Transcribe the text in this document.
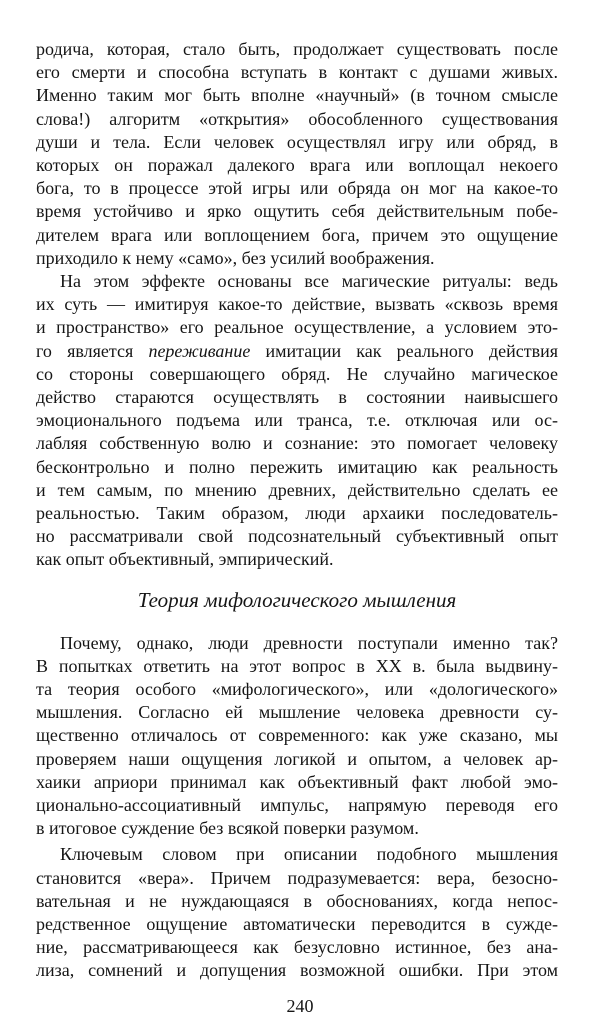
Теория мифологического мышления
240
родича, которая, стало быть, продолжает существовать после
его смерти и способна вступать в контакт с душами живых.
Именно таким мог быть вполне «научный» (в точном смысле
слова!) алгоритм «открытия» обособленного существования
души и тела. Если человек осуществлял игру или обряд, в
которых он поражал далекого врага или воплощал некоего
бога, то в процессе этой игры или обряда он мог на какое-то
время устойчиво и ярко ощутить себя действительным побе-
дителем врага или воплощением бога, причем это ощущение
приходило к нему «само», без усилий воображения.
На этом эффекте основаны все магические ритуалы: ведь
их суть — имитируя какое-то действие, вызвать «сквозь время
и пространство» его реальное осуществление, а условием это-
го является переживание имитации как реального действия
со стороны совершающего обряд. Не случайно магическое
действо стараются осуществлять в состоянии наивысшего
эмоционального подъема или транса, т.е. отключая или ос-
лабляя собственную волю и сознание: это помогает человеку
бесконтрольно и полно пережить имитацию как реальность
и тем самым, по мнению древних, действительно сделать ее
реальностью. Таким образом, люди архаики последователь-
но рассматривали свой подсознательный субъективный опыт
как опыт объективный, эмпирический.
Почему, однако, люди древности поступали именно так?
В попытках ответить на этот вопрос в XX в. была выдвину-
та теория особого «мифологического», или «дологического»
мышления. Согласно ей мышление человека древности су-
щественно отличалось от современного: как уже сказано, мы
проверяем наши ощущения логикой и опытом, а человек ар-
хаики априори принимал как объективный факт любой эмо-
ционально-ассоциативный импульс, напрямую переводя его
в итоговое суждение без всякой поверки разумом.
Ключевым словом при описании подобного мышления
становится «вера». Причем подразумевается: вера, безосно-
вательная и не нуждающаяся в обоснованиях, когда непос-
редственное ощущение автоматически переводится в сужде-
ние, рассматривающееся как безусловно истинное, без ана-
лиза, сомнений и допущения возможной ошибки. При этом
